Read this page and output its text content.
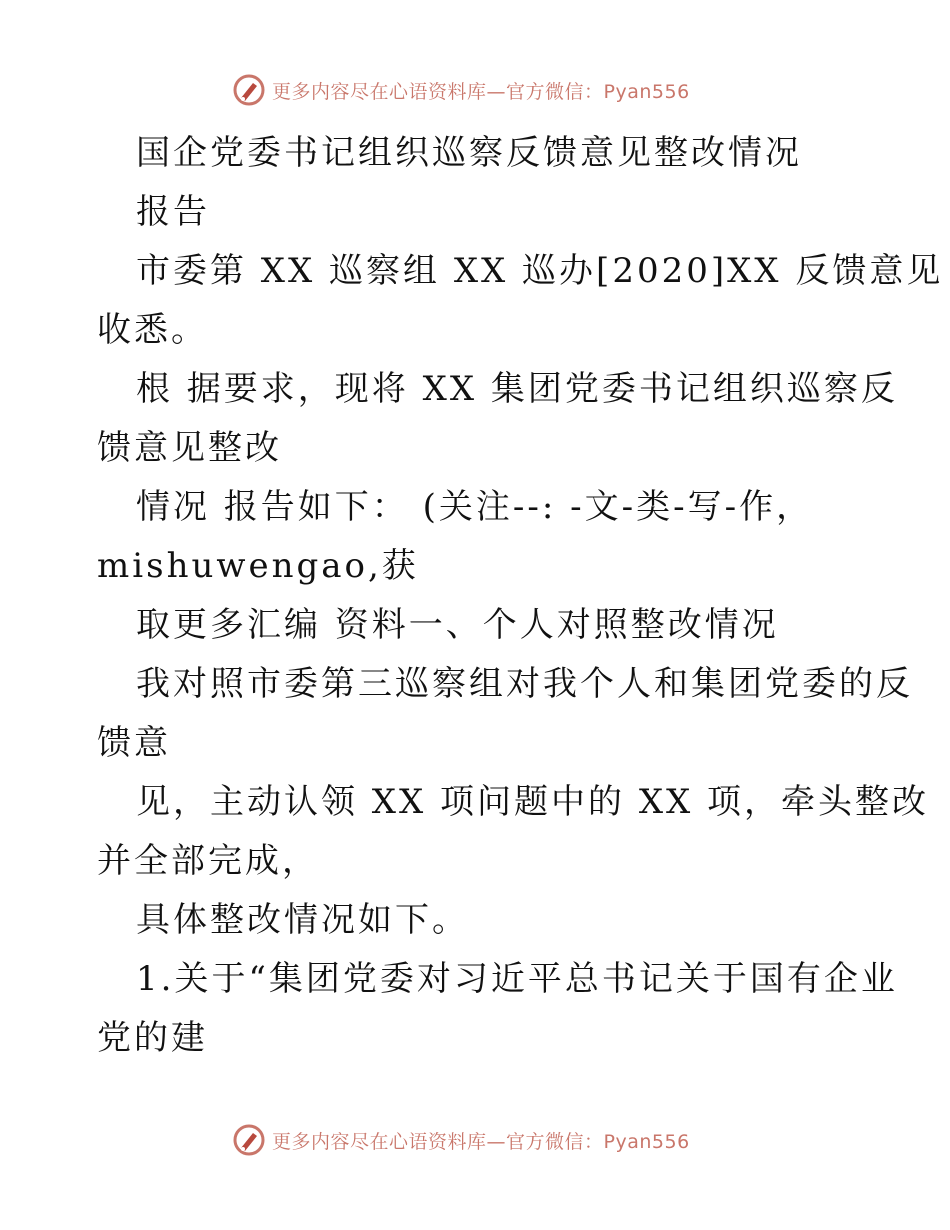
更多内容尽在心语资料库—官方微信：Pyan556

国企党委书记组织巡察反馈意见整改情况

报告

市委第 XX 巡察组 XX 巡办[2020]XX 反馈意见

收悉。

根 据要求，现将 XX 集团党委书记组织巡察反

馈意见整改

情况 报告如下： (关注--: -文-类-写-作，

mishuwengao,获

取更多汇编 资料一、个人对照整改情况

我对照市委第三巡察组对我个人和集团党委的反

馈意

见，主动认领 XX 项问题中的 XX 项，牵头整改

并全部完成，

具体整改情况如下。

1.关于“集团党委对习近平总书记关于国有企业

党的建

更多内容尽在心语资料库—官方微信：Pyan556
